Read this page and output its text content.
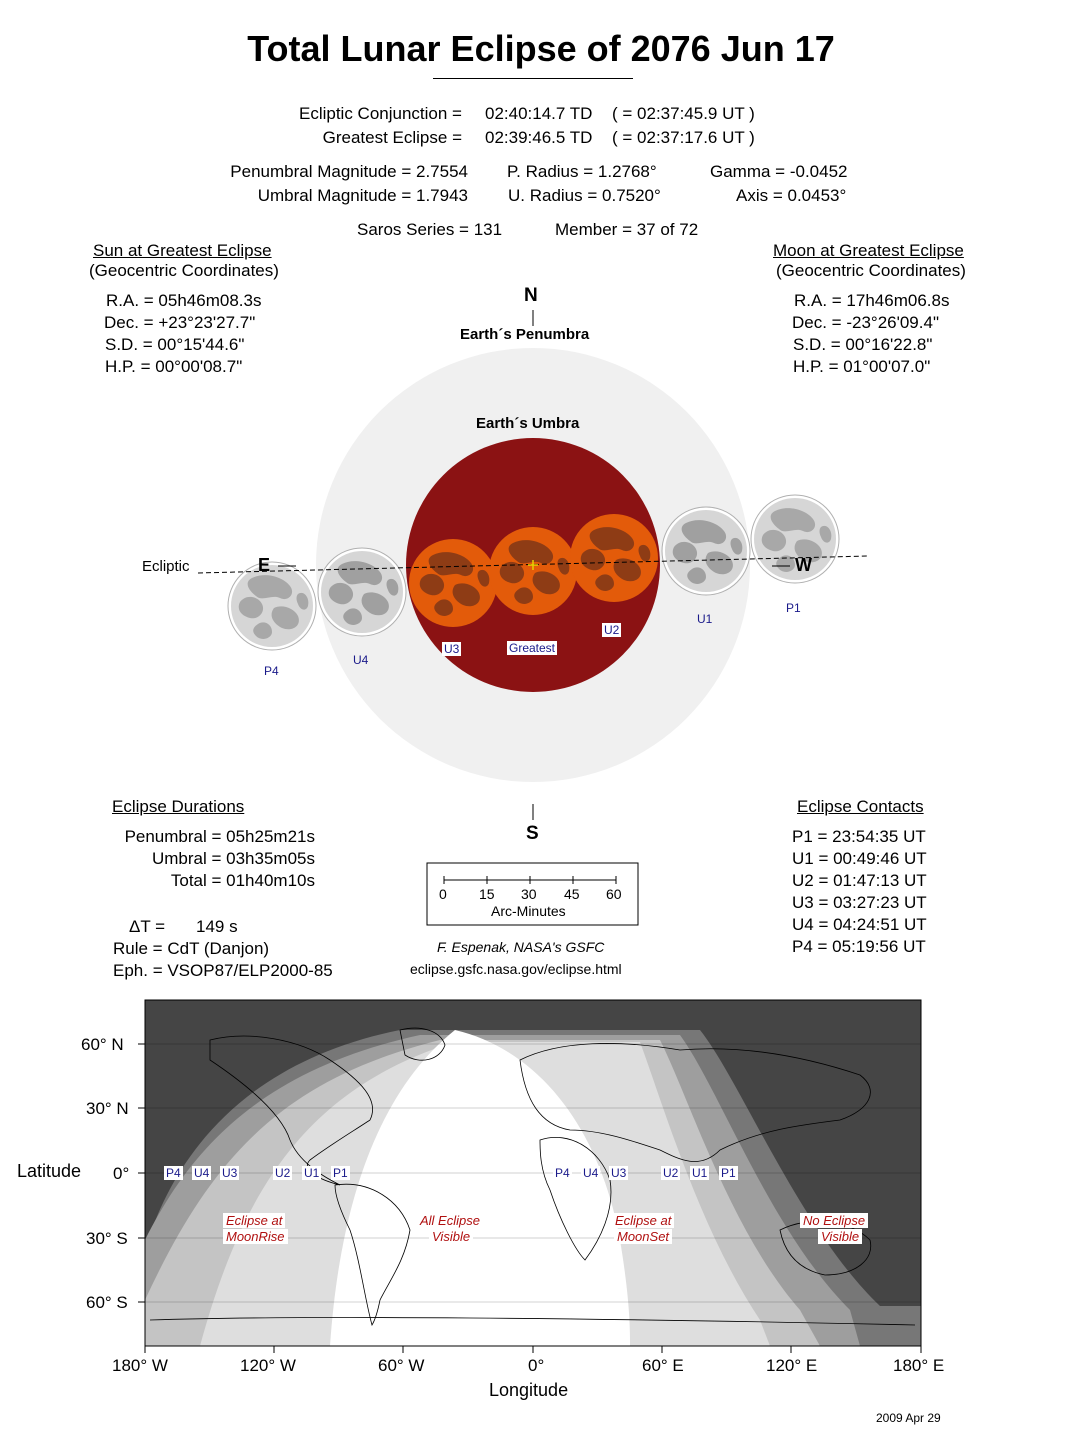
Total Lunar Eclipse of 2076 Jun 17
Ecliptic Conjunction = 02:40:14.7 TD ( = 02:37:45.9 UT )
Greatest Eclipse = 02:39:46.5 TD ( = 02:37:17.6 UT )
Penumbral Magnitude = 2.7554
Umbral Magnitude = 1.7943
P. Radius = 1.2768°
U. Radius = 0.7520°
Gamma = -0.0452
Axis = 0.0453°
Saros Series = 131	Member = 37 of 72
Sun at Greatest Eclipse
(Geocentric Coordinates)
R.A. = 05h46m08.3s
Dec. = +23°23'27.7"
S.D. = 00°15'44.6"
H.P. = 00°00'08.7"
Moon at Greatest Eclipse
(Geocentric Coordinates)
R.A. = 17h46m06.8s
Dec. = -23°26'09.4"
S.D. = 00°16'22.8"
H.P. = 01°00'07.0"
N
Earth´s Penumbra
Earth´s Umbra
Ecliptic	E	W
S
P4
U4
U3	Greatest
U2
U1
P1
Eclipse Durations
Penumbral = 05h25m21s
Umbral = 03h35m05s
Total = 01h40m10s
ΔT = 149 s
Rule = CdT (Danjon)
Eph. = VSOP87/ELP2000-85
0 15 30 45 60
Arc-Minutes
F. Espenak, NASA's GSFC
eclipse.gsfc.nasa.gov/eclipse.html
Eclipse Contacts
P1 = 23:54:35 UT
U1 = 00:49:46 UT
U2 = 01:47:13 UT
U3 = 03:27:23 UT
U4 = 04:24:51 UT
P4 = 05:19:56 UT
60° N
30° N
0°
30° S
60° S
Latitude
180° W	120° W	60° W	0°	60° E	120° E	180° E
Longitude
P4 U4 U3	U2 U1 P1	P4 U4 U3	U2 U1 P1
Eclipse at
MoonRise
All Eclipse
Visible
Eclipse at
MoonSet
No Eclipse
Visible
2009 Apr 29
